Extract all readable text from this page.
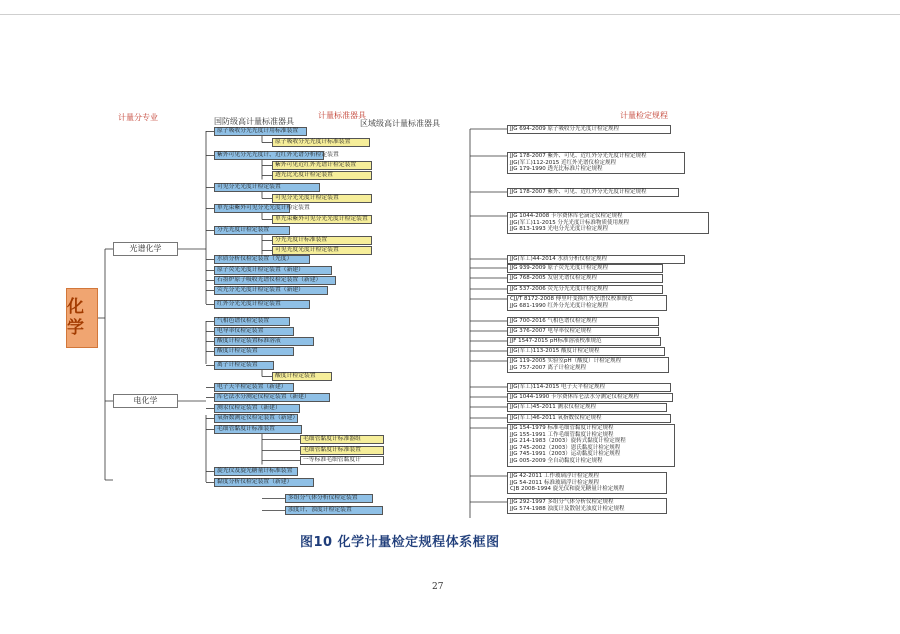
计量分专业	国防级高计量标准器具
计量标准器具
区域级高计量标准器具
计量检定规程
化学
光谱化学
电化学
原子吸收分光光度计用标准装置
原子吸收分光光度计标准装置
紫外可见分光光度计、近红外光谱分析检定装置
紫外可见近红外光谱计检定装置
透光比光度计检定装置
可见分光光度计检定装置
可见分光光度计检定装置
单光束紫外可见分光光度计检定装置
单光束紫外可见分光光度计检定装置
分光光度计检定装置
分光光度计标准装置
可见光度光度计检定装置
水质分析仪检定装置（光度）
原子荧光光度计检定装置（新建）
石墨炉原子吸收光谱仪检定装置（新建）
荧光分光光度计检定装置（新建）
红外分光光度计检定装置
气相色谱仪检定装置
电导率仪检定装置
酸度计检定装置标准溶液
酸度计检定装置
离子计检定装置
酸度计检定装置
电子天平检定装置（新建）
库仑法水分测定仪检定装置（新建）
测汞仪检定装置（新建）
氧指数测定仪检定装置（新建）
毛细管黏度计标准装置
毛细管黏度计标准器组
毛细管黏度计标准装置
一等标准毛细管黏度计
旋光仪及旋光糖量计标准装置
黏度分析仪检定装置（新建）
多组分气体分析仪检定装置
浊度计、浊度计检定装置
JJG 694-2009 原子吸收分光光度计检定规程
JJG 178-2007 紫外、可见、近红外分光光度计检定规程
JJG(军工)112-2015 近红外光谱仪检定规程
JJG 179-1990 透光比标准片检定规程
JJG 178-2007 紫外、可见、近红外分光光度计检定规程
JJG 1044-2008 卡尔费休库仑滴定仪检定规程
JJG(军工)11-2015 分光光度计标准物质使用规程
JJG 813-1993 光电分光光度计检定规程
JJG(军工)44-2014 水质分析仪检定规程
JJG 939-2009 原子荧光光度计检定规程
JJG 768-2005 发射光谱仪检定规程
JJG 537-2006 荧光分光光度计检定规程
CJJ/T 8172-2008 傅里叶变换红外光谱仪校准规范
JJG 681-1990 红外分光光度计检定规程
JJG 700-2016 气相色谱仪检定规程
JJG 376-2007 电导率仪检定规程
JJF 1547-2015 pH标准溶液校准规范
JJG(军工)113-2015 酸度计检定规程
JJG 119-2005 实验室pH（酸度）计检定规程
JJG 757-2007 离子计检定规程
JJG(军工)114-2015 电子天平检定规程
JJG 1044-1990 卡尔费休库仑法水分测定仪检定规程
JJG(军工)45-2011 测汞仪检定规程
JJG(军工)46-2011 氧指数仪检定规程
JJG 154-1979 标准毛细管黏度计检定规程
JJG 155-1991 工作毛细管黏度计检定规程
JJG 214-1983（2003）旋转式黏度计检定规程
JJG 745-2002（2003）恩氏黏度计检定规程
JJG 745-1991（2003）运动黏度计检定规程
JJG 005-2009 全自动黏度计检定规程
JJG 42-2011 工作玻璃浮计检定规程
JJG 54-2011 标准玻璃浮计检定规程
CJB 2008-1994 旋光仪和旋光糖量计检定规程
JJG 292-1997 多组分气体分析仪检定规程
JJG 574-1988 浊度计及散射光浊度计检定规程
图10 化学计量检定规程体系框图
27
